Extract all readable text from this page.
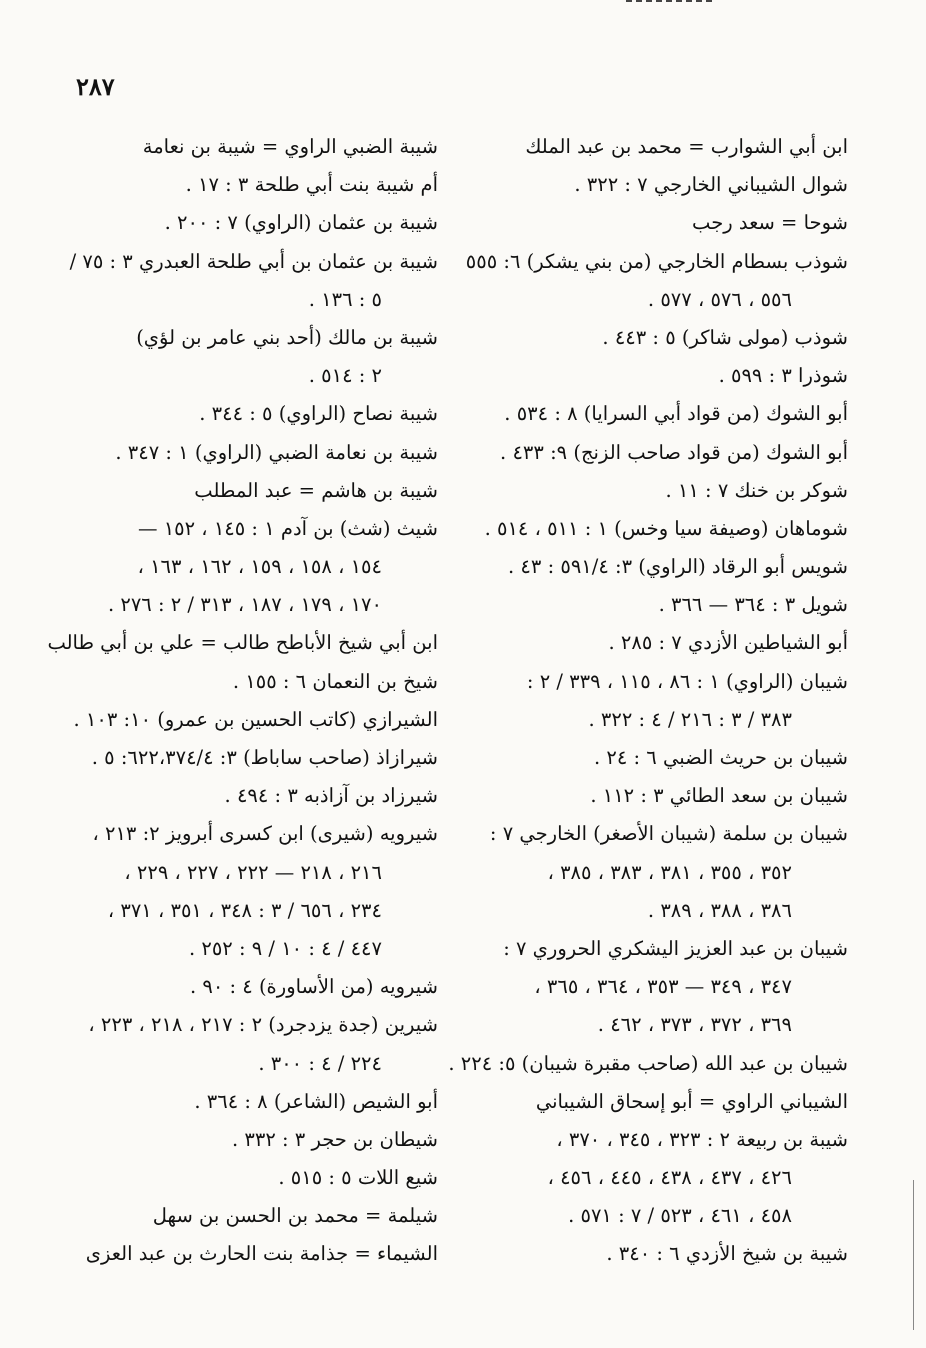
٢٨٧
ابن أبي الشوارب = محمد بن عبد الملك
شوال الشيباني الخارجي ٧ : ٣٢٢ .
شوحا = سعد رجب
شوذب بسطام الخارجي (من بني يشكر) ٦: ٥٥٥
٥٥٦ ، ٥٧٦ ، ٥٧٧ .
شوذب (مولى شاكر) ٥ : ٤٤٣ .
شوذرا ٣ : ٥٩٩ .
أبو الشوك (من قواد أبي السرايا) ٨ : ٥٣٤ .
أبو الشوك (من قواد صاحب الزنج) ٩: ٤٣٣ .
شوكر بن خنك ٧ : ١١ .
شوماهان (وصيفة سيا وخس) ١ : ٥١١ ، ٥١٤ .
شويس أبو الرقاد (الراوي) ٣: ٥٩١/٤ : ٤٣ .
شويل ٣ : ٣٦٤ — ٣٦٦ .
أبو الشياطين الأزدي ٧ : ٢٨٥ .
شيبان (الراوي) ١ : ٨٦ ، ١١٥ ، ٣٣٩ / ٢ :
٣٨٣ / ٣ : ٢١٦ / ٤ : ٣٢٢ .
شيبان بن حريث الضبي ٦ : ٢٤ .
شيبان بن سعد الطائي ٣ : ١١٢ .
شيبان بن سلمة (شيبان الأصغر) الخارجي ٧ :
٣٥٢ ، ٣٥٥ ، ٣٨١ ، ٣٨٣ ، ٣٨٥ ،
٣٨٦ ، ٣٨٨ ، ٣٨٩ .
شيبان بن عبد العزيز اليشكري الحروري ٧ :
٣٤٧ ، ٣٤٩ — ٣٥٣ ، ٣٦٤ ، ٣٦٥ ،
٣٦٩ ، ٣٧٢ ، ٣٧٣ ، ٤٦٢ .
شيبان بن عبد الله (صاحب مقبرة شيبان) ٥: ٢٢٤ .
الشيباني الراوي = أبو إسحاق الشيباني
شيبة بن ربيعة ٢ : ٣٢٣ ، ٣٤٥ ، ٣٧٠ ،
٤٢٦ ، ٤٣٧ ، ٤٣٨ ، ٤٤٥ ، ٤٥٦ ،
٤٥٨ ، ٤٦١ ، ٥٢٣ / ٧ : ٥٧١ .
شيبة بن شيخ الأزدي ٦ : ٣٤٠ .
شيبة الضبي الراوي = شيبة بن نعامة
أم شيبة بنت أبي طلحة ٣ : ١٧ .
شيبة بن عثمان (الراوي) ٧ : ٢٠٠ .
شيبة بن عثمان بن أبي طلحة العبدري ٣ : ٧٥ /
٥ : ١٣٦ .
شيبة بن مالك (أحد بني عامر بن لؤي)
٢ : ٥١٤ .
شيبة نصاح (الراوي) ٥ : ٣٤٤ .
شيبة بن نعامة الضبي (الراوي) ١ : ٣٤٧ .
شيبة بن هاشم = عبد المطلب
شيث (شث) بن آدم ١ : ١٤٥ ، ١٥٢ —
١٥٤ ، ١٥٨ ، ١٥٩ ، ١٦٢ ، ١٦٣ ،
١٧٠ ، ١٧٩ ، ١٨٧ ، ٣١٣ / ٢ : ٢٧٦ .
ابن أبي شيخ الأباطح طالب = علي بن أبي طالب
شيخ بن النعمان ٦ : ١٥٥ .
الشيرازي (كاتب الحسين بن عمرو) ١٠: ١٠٣ .
شيرازاذ (صاحب ساباط) ٣: ٦٢٢،٣٧٤/٤: ٥ .
شيرزاد بن آزاذبه ٣ : ٤٩٤ .
شيرويه (شيرى) ابن كسرى أبرويز ٢: ٢١٣ ،
٢١٦ ، ٢١٨ — ٢٢٢ ، ٢٢٧ ، ٢٢٩ ،
٢٣٤ ، ٦٥٦ / ٣ : ٣٤٨ ، ٣٥١ ، ٣٧١ ،
٤٤٧ / ٤ : ١٠ / ٩ : ٢٥٢ .
شيرويه (من الأساورة) ٤ : ٩٠ .
شيرين (جدة يزدجرد) ٢ : ٢١٧ ، ٢١٨ ، ٢٢٣ ،
٢٢٤ / ٤ : ٣٠٠ .
أبو الشيص (الشاعر) ٨ : ٣٦٤ .
شيطان بن حجر ٣ : ٣٣٢ .
شيع اللات ٥ : ٥١٥ .
شيلمة = محمد بن الحسن بن سهل
الشيماء = جذامة بنت الحارث بن عبد العزى
